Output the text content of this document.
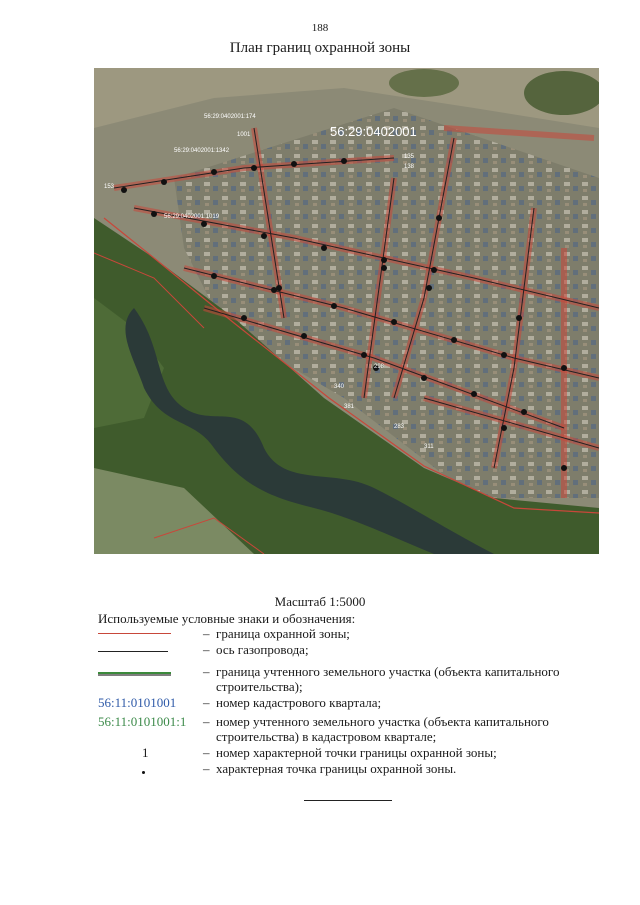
188
План границ охранной зоны
56:29:0402001:174
56:29:0402001:1342
56:29:0402001:1019
1001
135
138
153
340
381
283
311
298
56:29:0402001
Масштаб 1:5000
Используемые условные знаки и обозначения:
– граница охранной зоны;
– ось газопровода;
– граница учтенного земельного участка (объекта капитального строительства);
56:11:0101001 – номер кадастрового квартала;
56:11:0101001:1 – номер учтенного земельного участка (объекта капитального строительства) в кадастровом квартале;
1	– номер характерной точки границы охранной зоны;
– характерная точка границы охранной зоны.
